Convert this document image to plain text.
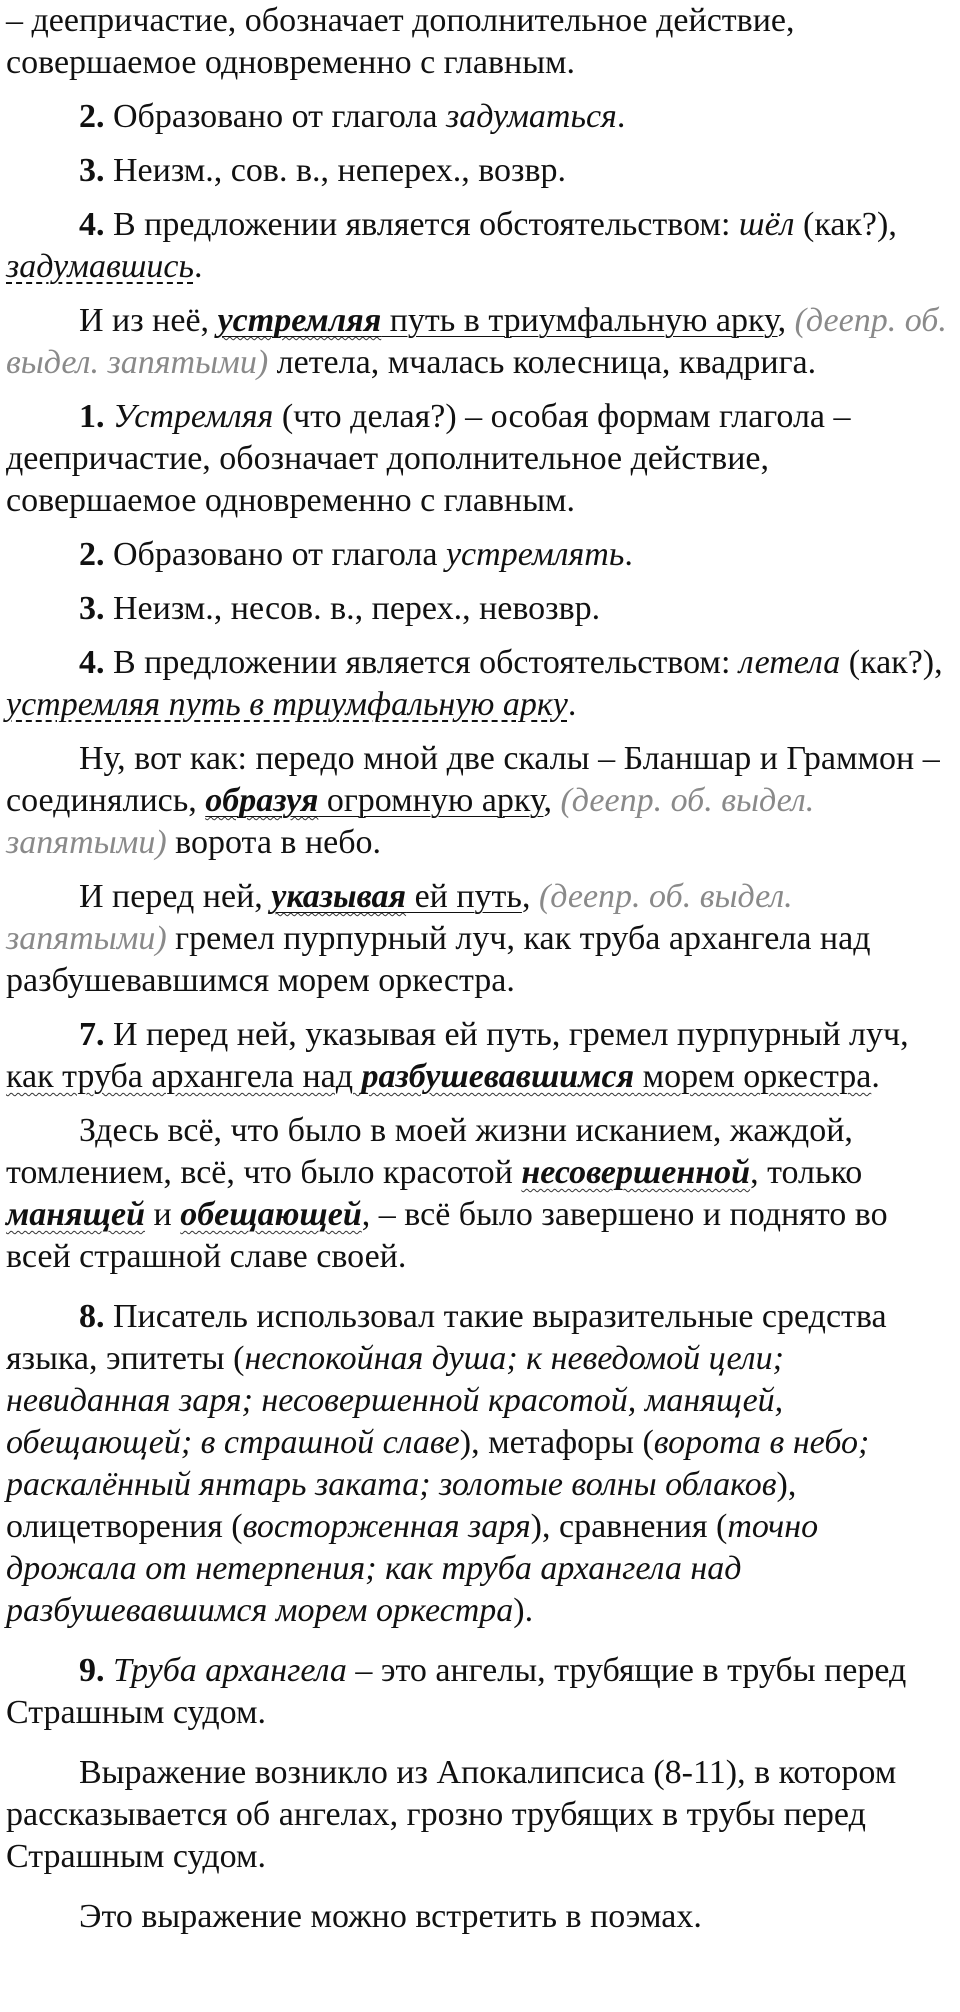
– деепричастие, обозначает дополнительное действие, совершаемое одновременно с главным.

2. Образовано от глагола задуматься.

3. Неизм., сов. в., неперех., возвр.

4. В предложении является обстоятельством: шёл (как?), задумавшись.

И из неё, устремляя путь в триумфальную арку, (деепр. об. выдел. запятыми) летела, мчалась колесница, квадрига.

1. Устремляя (что делая?) – особая формам глагола – деепричастие, обозначает дополнительное действие, совершаемое одновременно с главным.

2. Образовано от глагола устремлять.

3. Неизм., несов. в., перех., невозвр.

4. В предложении является обстоятельством: летела (как?), устремляя путь в триумфальную арку.

Ну, вот как: передо мной две скалы – Бланшар и Граммон – соединялись, образуя огромную арку, (деепр. об. выдел. запятыми) ворота в небо.

И перед ней, указывая ей путь, (деепр. об. выдел. запятыми) гремел пурпурный луч, как труба архангела над разбушевавшимся морем оркестра.

7. И перед ней, указывая ей путь, гремел пурпурный луч, как труба архангела над разбушевавшимся морем оркестра.

Здесь всё, что было в моей жизни исканием, жаждой, томлением, всё, что было красотой несовершенной, только манящей и обещающей, – всё было завершено и поднято во всей страшной славе своей.

8. Писатель использовал такие выразительные средства языка, эпитеты (неспокойная душа; к неведомой цели; невиданная заря; несовершенной красотой, манящей, обещающей; в страшной славе), метафоры (ворота в небо; раскалённый янтарь заката; золотые волны облаков), олицетворения (восторженная заря), сравнения (точно дрожала от нетерпения; как труба архангела над разбушевавшимся морем оркестра).

9. Труба архангела – это ангелы, трубящие в трубы перед Страшным судом.

Выражение возникло из Апокалипсиса (8-11), в котором рассказывается об ангелах, грозно трубящих в трубы перед Страшным судом.

Это выражение можно встретить в поэмах.
